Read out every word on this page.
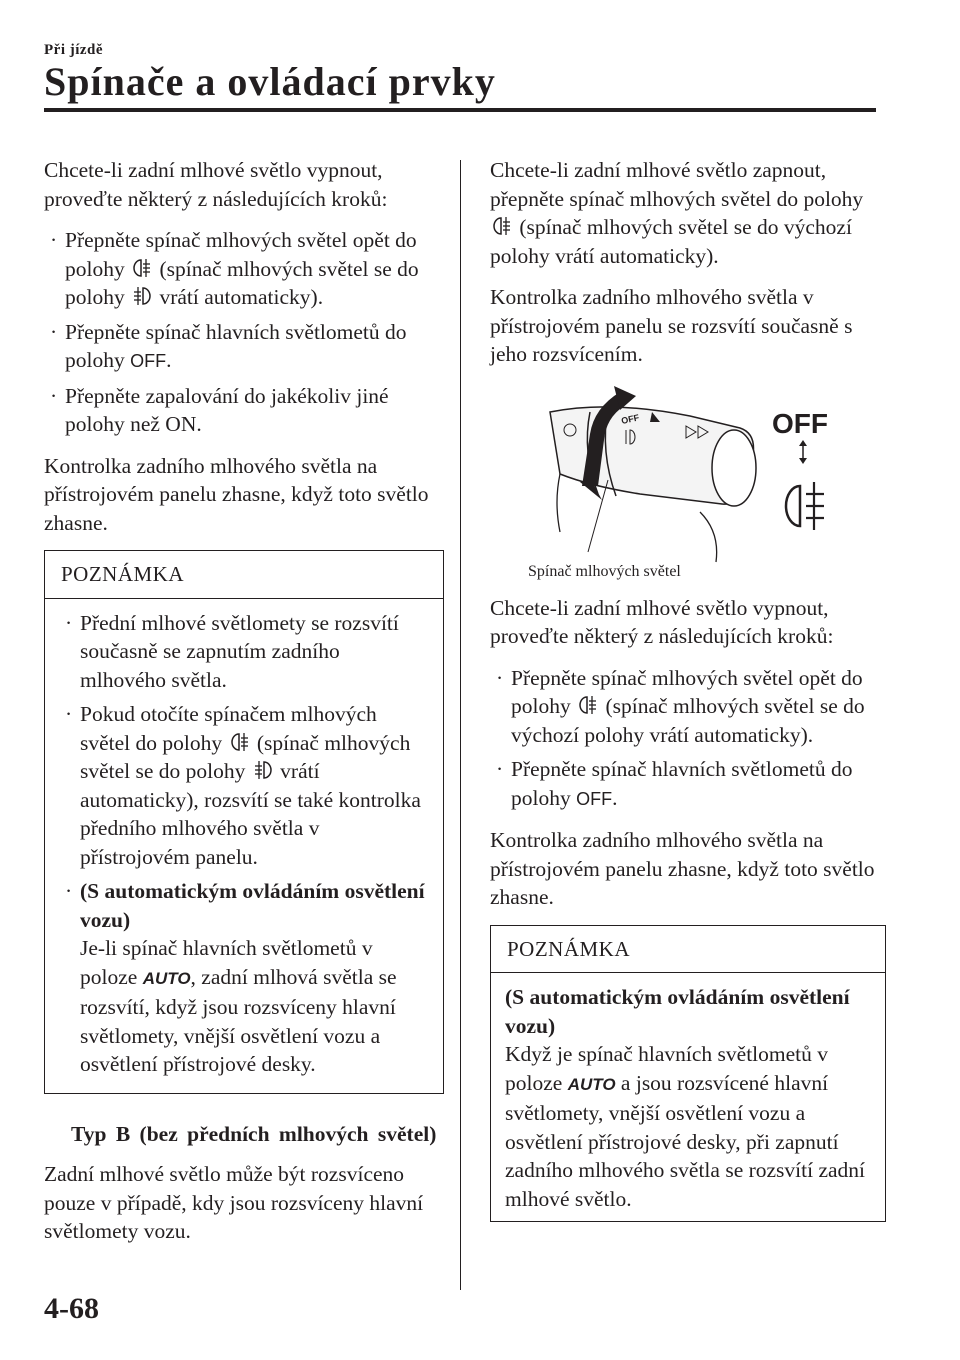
Při jízdě
Spínače a ovládací prvky

Chcete-li zadní mlhové světlo vypnout, proveďte některý z následujících kroků:

· Přepněte spínač mlhových světel opět do polohy (spínač mlhových světel se do polohy vrátí automaticky).
· Přepněte spínač hlavních světlometů do polohy OFF.
· Přepněte zapalování do jakékoliv jiné polohy než ON.

Kontrolka zadního mlhového světla na přístrojovém panelu zhasne, když toto světlo zhasne.

POZNÁMKA
· Přední mlhové světlomety se rozsvítí současně se zapnutím zadního mlhového světla.
· Pokud otočíte spínačem mlhových světel do polohy (spínač mlhových světel se do polohy vrátí automaticky), rozsvítí se také kontrolka předního mlhového světla v přístrojovém panelu.
· (S automatickým ovládáním osvětlení vozu)
Je-li spínač hlavních světlometů v poloze AUTO, zadní mlhová světla se rozsvítí, když jsou rozsvíceny hlavní světlomety, vnější osvětlení vozu a osvětlení přístrojové desky.
Typ B (bez předních mlhových světel)

Zadní mlhové světlo může být rozsvíceno pouze v případě, kdy jsou rozsvíceny hlavní světlomety vozu.

Chcete-li zadní mlhové světlo zapnout, přepněte spínač mlhových světel do polohy  (spínač mlhových světel se do výchozí polohy vrátí automaticky).

Kontrolka zadního mlhového světla v přístrojovém panelu se rozsvítí současně s jeho rozsvícením.

OFF	OFF
Spínač mlhových světel

Chcete-li zadní mlhové světlo vypnout, proveďte některý z následujících kroků:

· Přepněte spínač mlhových světel opět do polohy (spínač mlhových světel se do výchozí polohy vrátí automaticky).
· Přepněte spínač hlavních světlometů do polohy OFF.

Kontrolka zadního mlhového světla na přístrojovém panelu zhasne, když toto světlo zhasne.

POZNÁMKA
(S automatickým ovládáním osvětlení vozu)
Když je spínač hlavních světlometů v poloze AUTO a jsou rozsvícené hlavní světlomety, vnější osvětlení vozu a osvětlení přístrojové desky, při zapnutí zadního mlhového světla se rozsvítí zadní mlhové světlo.
4-68
